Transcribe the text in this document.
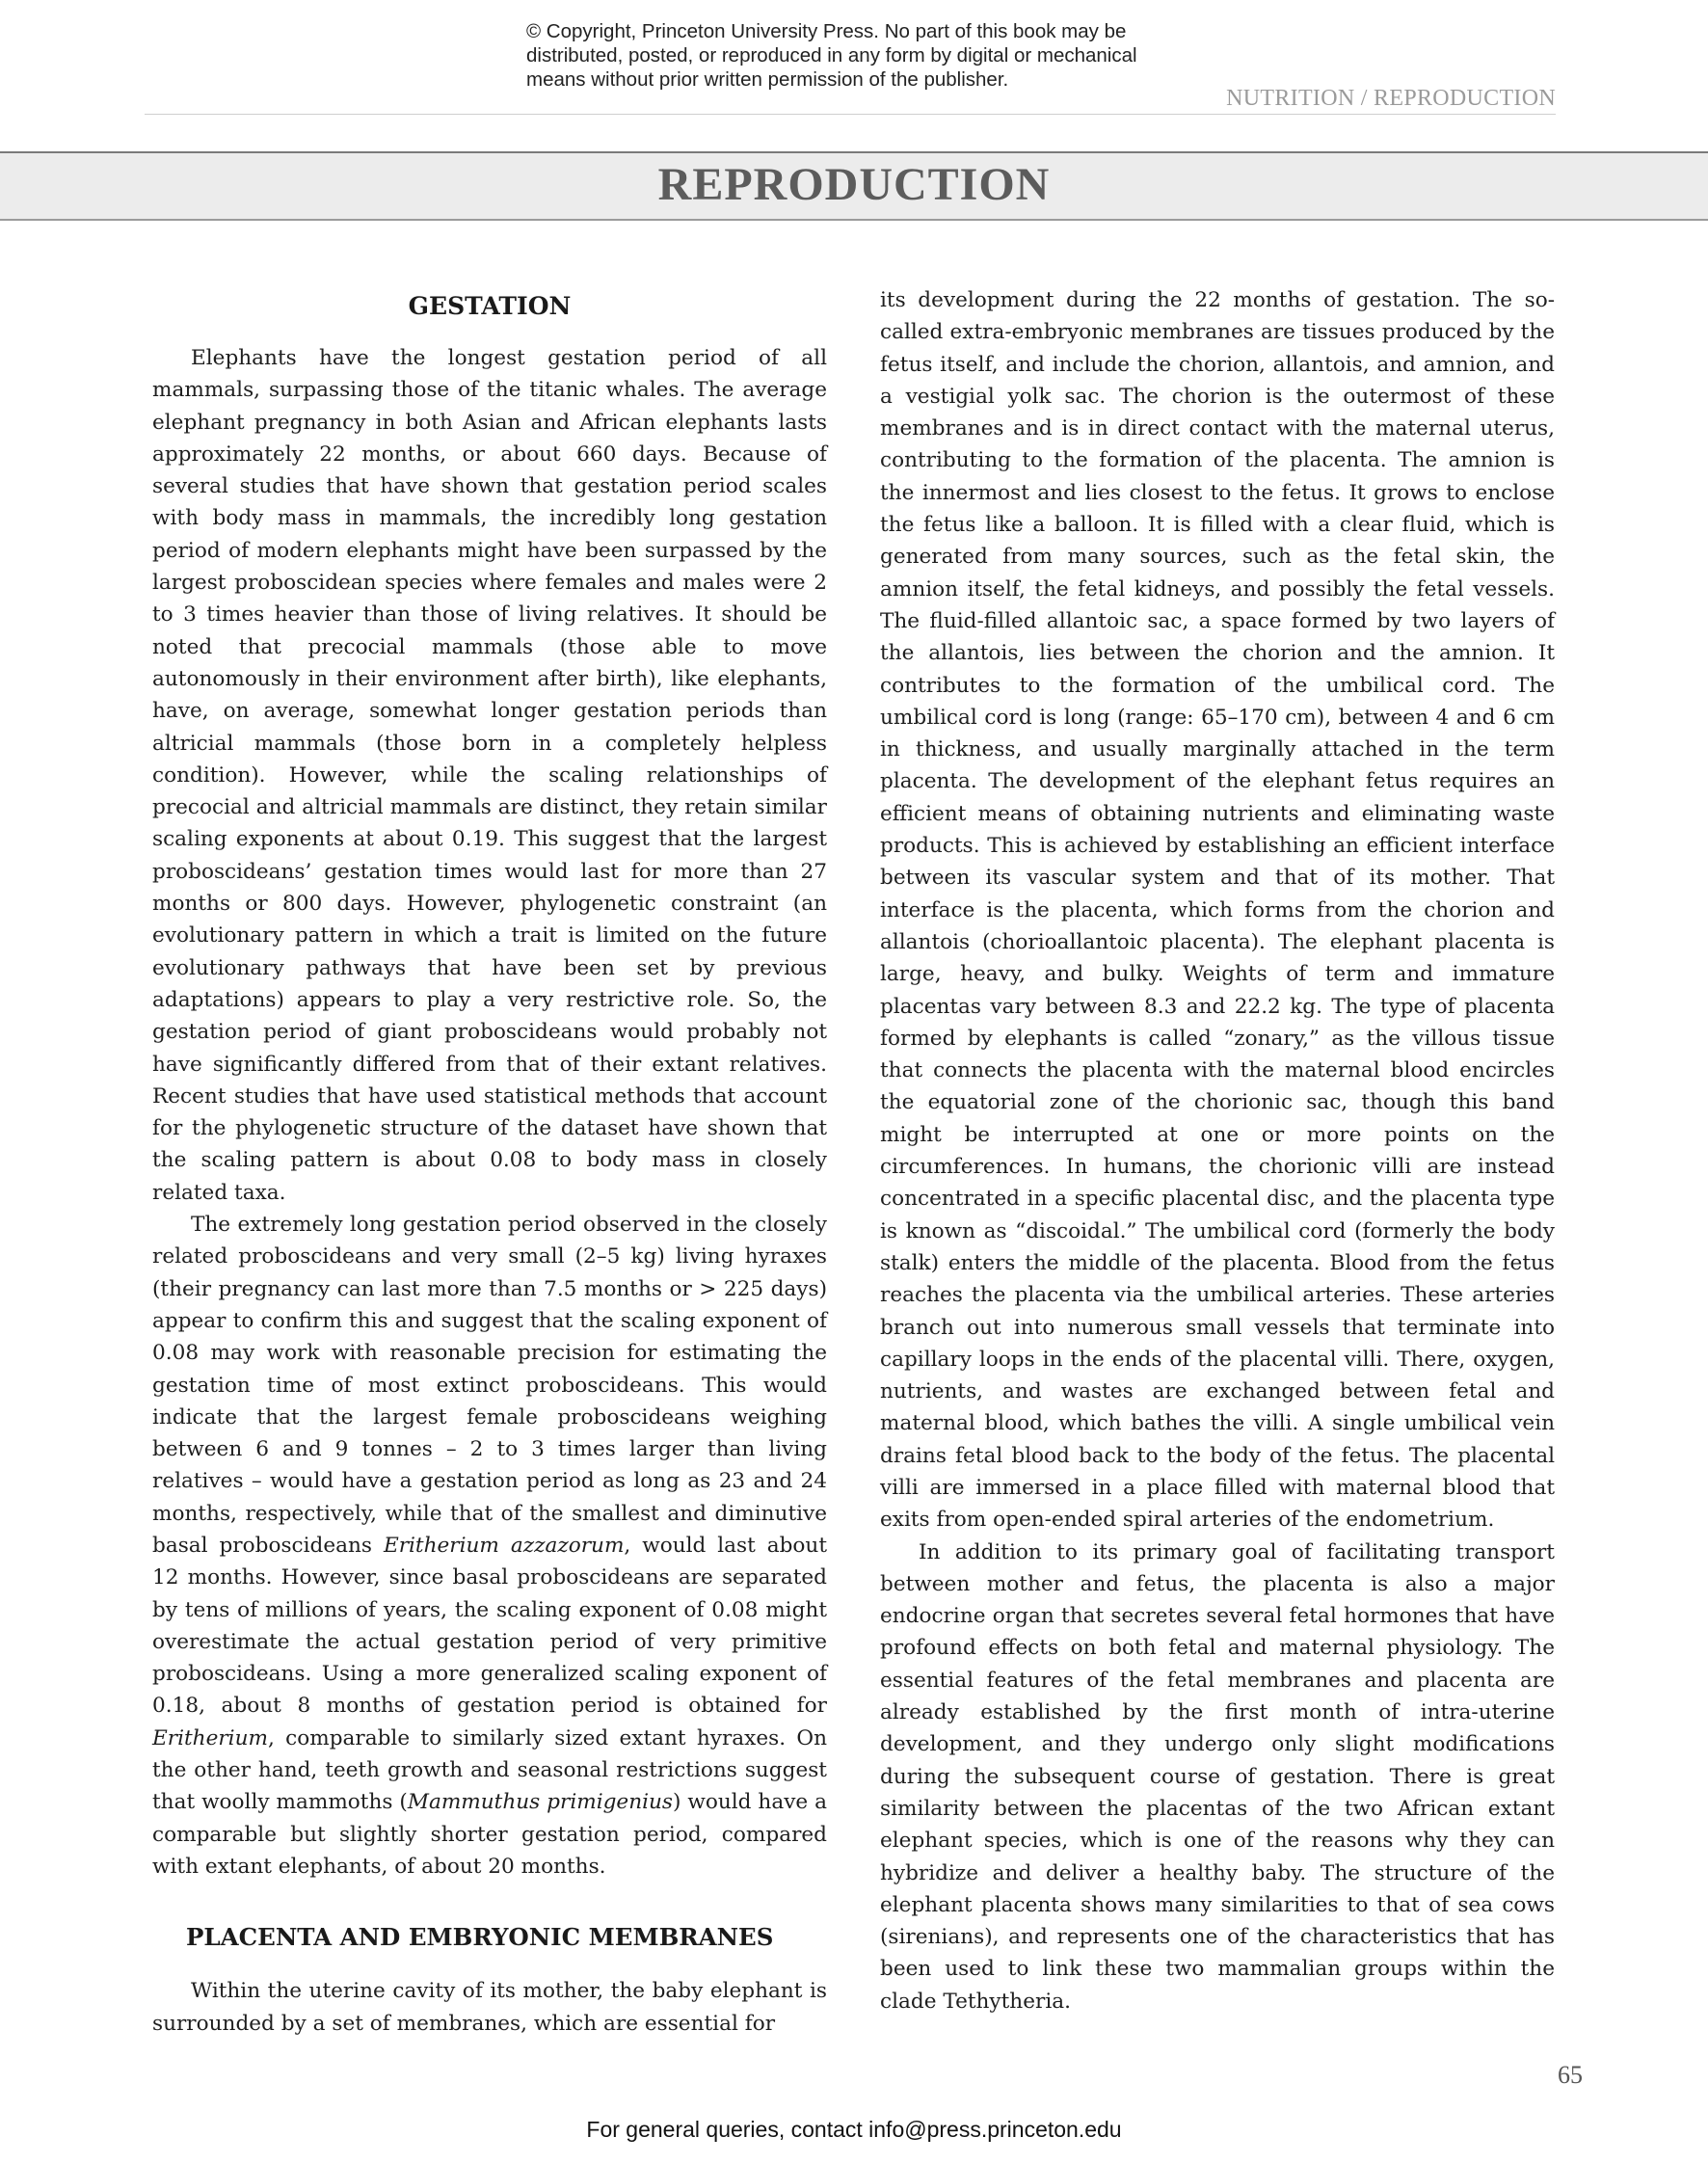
© Copyright, Princeton University Press. No part of this book may be
distributed, posted, or reproduced in any form by digital or mechanical
means without prior written permission of the publisher.
NUTRITION / REPRODUCTION
REPRODUCTION
GESTATION

Elephants have the longest gestation period of all mammals, surpassing those of the titanic whales. The average elephant pregnancy in both Asian and African elephants lasts approximately 22 months, or about 660 days. Because of several studies that have shown that gestation period scales with body mass in mammals, the incredibly long gestation period of modern elephants might have been surpassed by the largest proboscidean species where females and males were 2 to 3 times heavier than those of living relatives. It should be noted that precocial mammals (those able to move autonomously in their environment after birth), like elephants, have, on average, somewhat longer gestation periods than altricial mammals (those born in a completely helpless condition). However, while the scaling relationships of precocial and altricial mammals are distinct, they retain similar scaling exponents at about 0.19. This suggest that the largest proboscideans’ gestation times would last for more than 27 months or 800 days. However, phylogenetic constraint (an evolutionary pattern in which a trait is limited on the future evolutionary pathways that have been set by previous adaptations) appears to play a very restrictive role. So, the gestation period of giant proboscideans would probably not have significantly differed from that of their extant relatives. Recent studies that have used statistical methods that account for the phylogenetic structure of the dataset have shown that the scaling pattern is about 0.08 to body mass in closely related taxa.

The extremely long gestation period observed in the closely related proboscideans and very small (2–5 kg) living hyraxes (their pregnancy can last more than 7.5 months or > 225 days) appear to confirm this and suggest that the scaling exponent of 0.08 may work with reasonable precision for estimating the gestation time of most extinct proboscideans. This would indicate that the largest female proboscideans weighing between 6 and 9 tonnes – 2 to 3 times larger than living relatives – would have a gestation period as long as 23 and 24 months, respectively, while that of the smallest and diminutive basal proboscideans Eritherium azzazorum, would last about 12 months. However, since basal proboscideans are separated by tens of millions of years, the scaling exponent of 0.08 might overestimate the actual gestation period of very primitive proboscideans. Using a more generalized scaling exponent of 0.18, about 8 months of gestation period is obtained for Eritherium, comparable to similarly sized extant hyraxes. On the other hand, teeth growth and seasonal restrictions suggest that woolly mammoths (Mammuthus primigenius) would have a comparable but slightly shorter gestation period, compared with extant elephants, of about 20 months.

PLACENTA AND EMBRYONIC MEMBRANES

Within the uterine cavity of its mother, the baby elephant is surrounded by a set of membranes, which are essential for

its development during the 22 months of gestation. The so-called extra-embryonic membranes are tissues produced by the fetus itself, and include the chorion, allantois, and amnion, and a vestigial yolk sac. The chorion is the outermost of these membranes and is in direct contact with the maternal uterus, contributing to the formation of the placenta. The amnion is the innermost and lies closest to the fetus. It grows to enclose the fetus like a balloon. It is filled with a clear fluid, which is generated from many sources, such as the fetal skin, the amnion itself, the fetal kidneys, and possibly the fetal vessels. The fluid-filled allantoic sac, a space formed by two layers of the allantois, lies between the chorion and the amnion. It contributes to the formation of the umbilical cord. The umbilical cord is long (range: 65–170 cm), between 4 and 6 cm in thickness, and usually marginally attached in the term placenta. The development of the elephant fetus requires an efficient means of obtaining nutrients and eliminating waste products. This is achieved by establishing an efficient interface between its vascular system and that of its mother. That interface is the placenta, which forms from the chorion and allantois (chorioallantoic placenta). The elephant placenta is large, heavy, and bulky. Weights of term and immature placentas vary between 8.3 and 22.2 kg. The type of placenta formed by elephants is called “zonary,” as the villous tissue that connects the placenta with the maternal blood encircles the equatorial zone of the chorionic sac, though this band might be interrupted at one or more points on the circumferences. In humans, the chorionic villi are instead concentrated in a specific placental disc, and the placenta type is known as “discoidal.” The umbilical cord (formerly the body stalk) enters the middle of the placenta. Blood from the fetus reaches the placenta via the umbilical arteries. These arteries branch out into numerous small vessels that terminate into capillary loops in the ends of the placental villi. There, oxygen, nutrients, and wastes are exchanged between fetal and maternal blood, which bathes the villi. A single umbilical vein drains fetal blood back to the body of the fetus. The placental villi are immersed in a place filled with maternal blood that exits from open-ended spiral arteries of the endometrium.

In addition to its primary goal of facilitating transport between mother and fetus, the placenta is also a major endocrine organ that secretes several fetal hormones that have profound effects on both fetal and maternal physiology. The essential features of the fetal membranes and placenta are already established by the first month of intra-uterine development, and they undergo only slight modifications during the subsequent course of gestation. There is great similarity between the placentas of the two African extant elephant species, which is one of the reasons why they can hybridize and deliver a healthy baby. The structure of the elephant placenta shows many similarities to that of sea cows (sirenians), and represents one of the characteristics that has been used to link these two mammalian groups within the clade Tethytheria.

65
For general queries, contact info@press.princeton.edu
